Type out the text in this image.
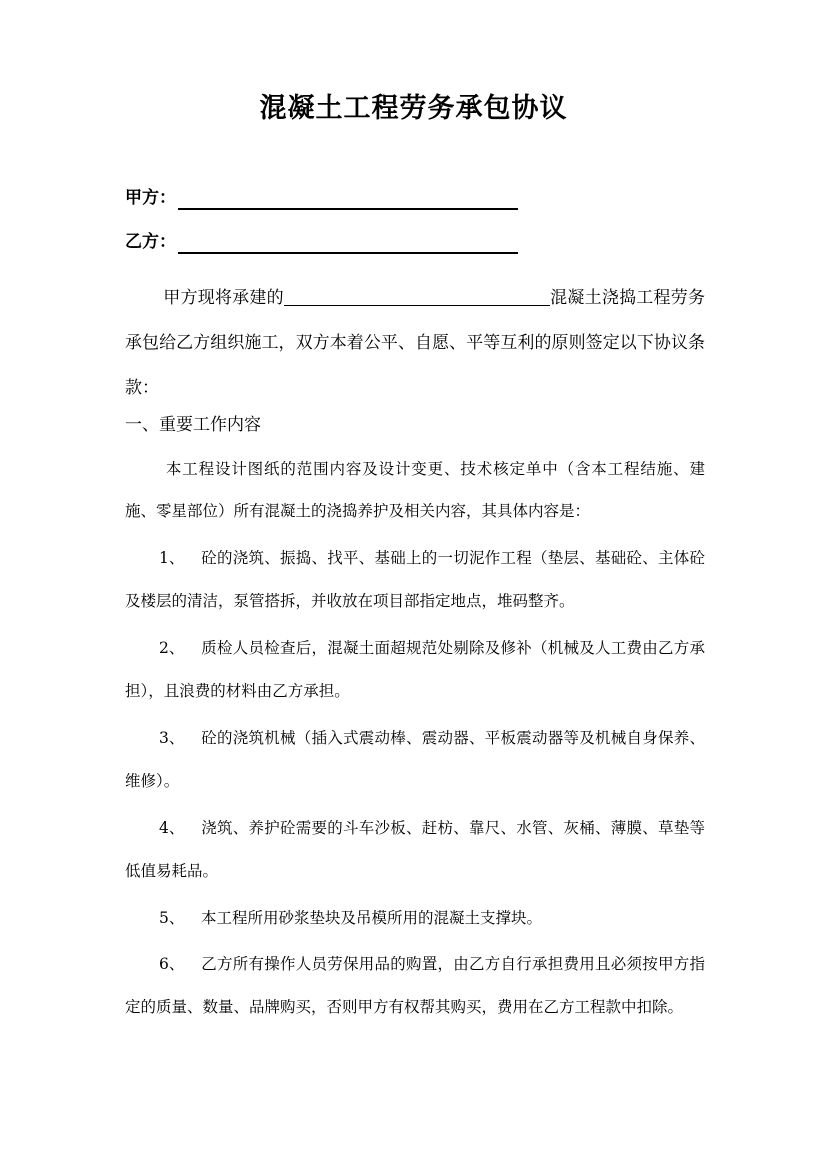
混凝土工程劳务承包协议
甲方：
乙方：
甲方现将承建的	混凝土浇捣工程劳务承包给乙方组织施工，双方本着公平、自愿、平等互利的原则签定以下协议条款：
一、重要工作内容
本工程设计图纸的范围内容及设计变更、技术核定单中（含本工程结施、建施、零星部位）所有混凝土的浇捣养护及相关内容，其具体内容是：
1、 砼的浇筑、振捣、找平、基础上的一切泥作工程（垫层、基础砼、主体砼及楼层的清洁，泵管搭拆，并收放在项目部指定地点，堆码整齐。
2、 质检人员检查后，混凝土面超规范处剔除及修补（机械及人工费由乙方承担），且浪费的材料由乙方承担。
3、 砼的浇筑机械（插入式震动棒、震动器、平板震动器等及机械自身保养、维修）。
4、 浇筑、养护砼需要的斗车沙板、赶枋、靠尺、水管、灰桶、薄膜、草垫等低值易耗品。
5、 本工程所用砂浆垫块及吊模所用的混凝土支撑块。
6、 乙方所有操作人员劳保用品的购置，由乙方自行承担费用且必须按甲方指定的质量、数量、品牌购买，否则甲方有权帮其购买，费用在乙方工程款中扣除。
